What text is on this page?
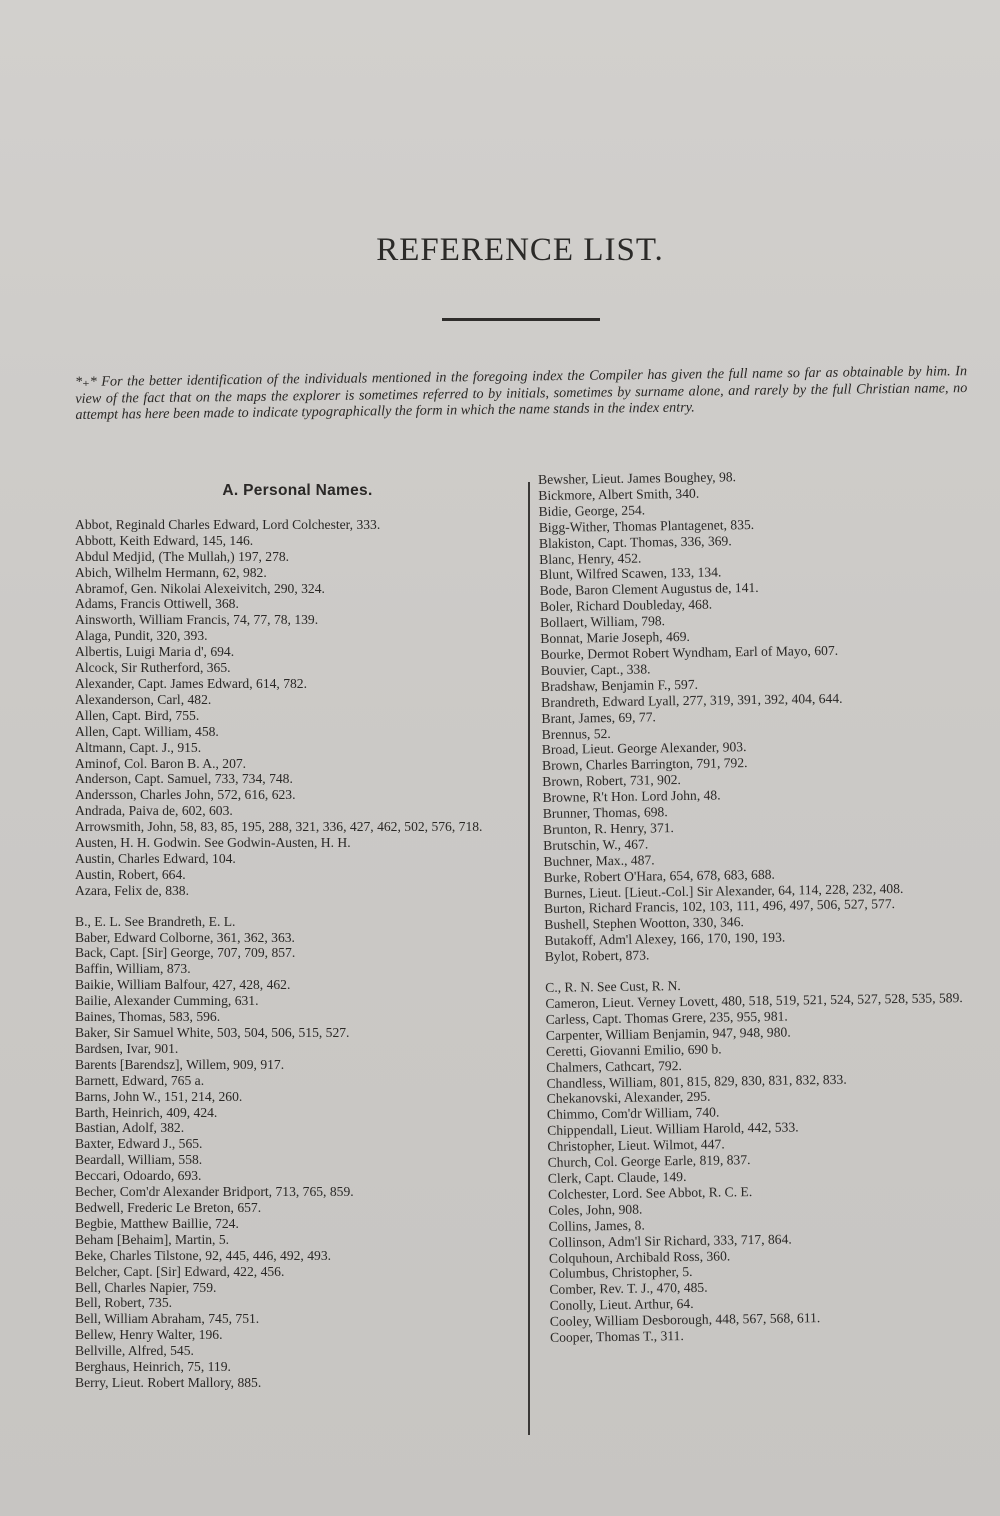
REFERENCE LIST.

*₊* For the better identification of the individuals mentioned in the foregoing index the Compiler has given the full name so far as obtainable by him. In view of the fact that on the maps the explorer is sometimes referred to by initials, sometimes by surname alone, and rarely by the full Christian name, no attempt has here been made to indicate typographically the form in which the name stands in the index entry.

A. Personal Names.
Abbot, Reginald Charles Edward, Lord Colchester, 333.
Abbott, Keith Edward, 145, 146.
Abdul Medjid, (The Mullah,) 197, 278.
Abich, Wilhelm Hermann, 62, 982.
Abramof, Gen. Nikolai Alexeivitch, 290, 324.
Adams, Francis Ottiwell, 368.
Ainsworth, William Francis, 74, 77, 78, 139.
Alaga, Pundit, 320, 393.
Albertis, Luigi Maria d', 694.
Alcock, Sir Rutherford, 365.
Alexander, Capt. James Edward, 614, 782.
Alexanderson, Carl, 482.
Allen, Capt. Bird, 755.
Allen, Capt. William, 458.
Altmann, Capt. J., 915.
Aminof, Col. Baron B. A., 207.
Anderson, Capt. Samuel, 733, 734, 748.
Andersson, Charles John, 572, 616, 623.
Andrada, Paiva de, 602, 603.
Arrowsmith, John, 58, 83, 85, 195, 288, 321, 336, 427, 462, 502, 576, 718.
Austen, H. H. Godwin. See Godwin-Austen, H. H.
Austin, Charles Edward, 104.
Austin, Robert, 664.
Azara, Felix de, 838.
B., E. L. See Brandreth, E. L.
Baber, Edward Colborne, 361, 362, 363.
Back, Capt. [Sir] George, 707, 709, 857.
Baffin, William, 873.
Baikie, William Balfour, 427, 428, 462.
Bailie, Alexander Cumming, 631.
Baines, Thomas, 583, 596.
Baker, Sir Samuel White, 503, 504, 506, 515, 527.
Bardsen, Ivar, 901.
Barents [Barendsz], Willem, 909, 917.
Barnett, Edward, 765 a.
Barns, John W., 151, 214, 260.
Barth, Heinrich, 409, 424.
Bastian, Adolf, 382.
Baxter, Edward J., 565.
Beardall, William, 558.
Beccari, Odoardo, 693.
Becher, Com'dr Alexander Bridport, 713, 765, 859.
Bedwell, Frederic Le Breton, 657.
Begbie, Matthew Baillie, 724.
Beham [Behaim], Martin, 5.
Beke, Charles Tilstone, 92, 445, 446, 492, 493.
Belcher, Capt. [Sir] Edward, 422, 456.
Bell, Charles Napier, 759.
Bell, Robert, 735.
Bell, William Abraham, 745, 751.
Bellew, Henry Walter, 196.
Bellville, Alfred, 545.
Berghaus, Heinrich, 75, 119.
Berry, Lieut. Robert Mallory, 885.
Bewsher, Lieut. James Boughey, 98.
Bickmore, Albert Smith, 340.
Bidie, George, 254.
Bigg-Wither, Thomas Plantagenet, 835.
Blakiston, Capt. Thomas, 336, 369.
Blanc, Henry, 452.
Blunt, Wilfred Scawen, 133, 134.
Bode, Baron Clement Augustus de, 141.
Boler, Richard Doubleday, 468.
Bollaert, William, 798.
Bonnat, Marie Joseph, 469.
Bourke, Dermot Robert Wyndham, Earl of Mayo, 607.
Bouvier, Capt., 338.
Bradshaw, Benjamin F., 597.
Brandreth, Edward Lyall, 277, 319, 391, 392, 404, 644.
Brant, James, 69, 77.
Brennus, 52.
Broad, Lieut. George Alexander, 903.
Brown, Charles Barrington, 791, 792.
Brown, Robert, 731, 902.
Browne, R't Hon. Lord John, 48.
Brunner, Thomas, 698.
Brunton, R. Henry, 371.
Brutschin, W., 467.
Buchner, Max., 487.
Burke, Robert O'Hara, 654, 678, 683, 688.
Burnes, Lieut. [Lieut.-Col.] Sir Alexander, 64, 114, 228, 232, 408.
Burton, Richard Francis, 102, 103, 111, 496, 497, 506, 527, 577.
Bushell, Stephen Wootton, 330, 346.
Butakoff, Adm'l Alexey, 166, 170, 190, 193.
Bylot, Robert, 873.
C., R. N. See Cust, R. N.
Cameron, Lieut. Verney Lovett, 480, 518, 519, 521, 524, 527, 528, 535, 589.
Carless, Capt. Thomas Grere, 235, 955, 981.
Carpenter, William Benjamin, 947, 948, 980.
Ceretti, Giovanni Emilio, 690 b.
Chalmers, Cathcart, 792.
Chandless, William, 801, 815, 829, 830, 831, 832, 833.
Chekanovski, Alexander, 295.
Chimmo, Com'dr William, 740.
Chippendall, Lieut. William Harold, 442, 533.
Christopher, Lieut. Wilmot, 447.
Church, Col. George Earle, 819, 837.
Clerk, Capt. Claude, 149.
Colchester, Lord. See Abbot, R. C. E.
Coles, John, 908.
Collins, James, 8.
Collinson, Adm'l Sir Richard, 333, 717, 864.
Colquhoun, Archibald Ross, 360.
Columbus, Christopher, 5.
Comber, Rev. T. J., 470, 485.
Conolly, Lieut. Arthur, 64.
Cooley, William Desborough, 448, 567, 568, 611.
Cooper, Thomas T., 311.
